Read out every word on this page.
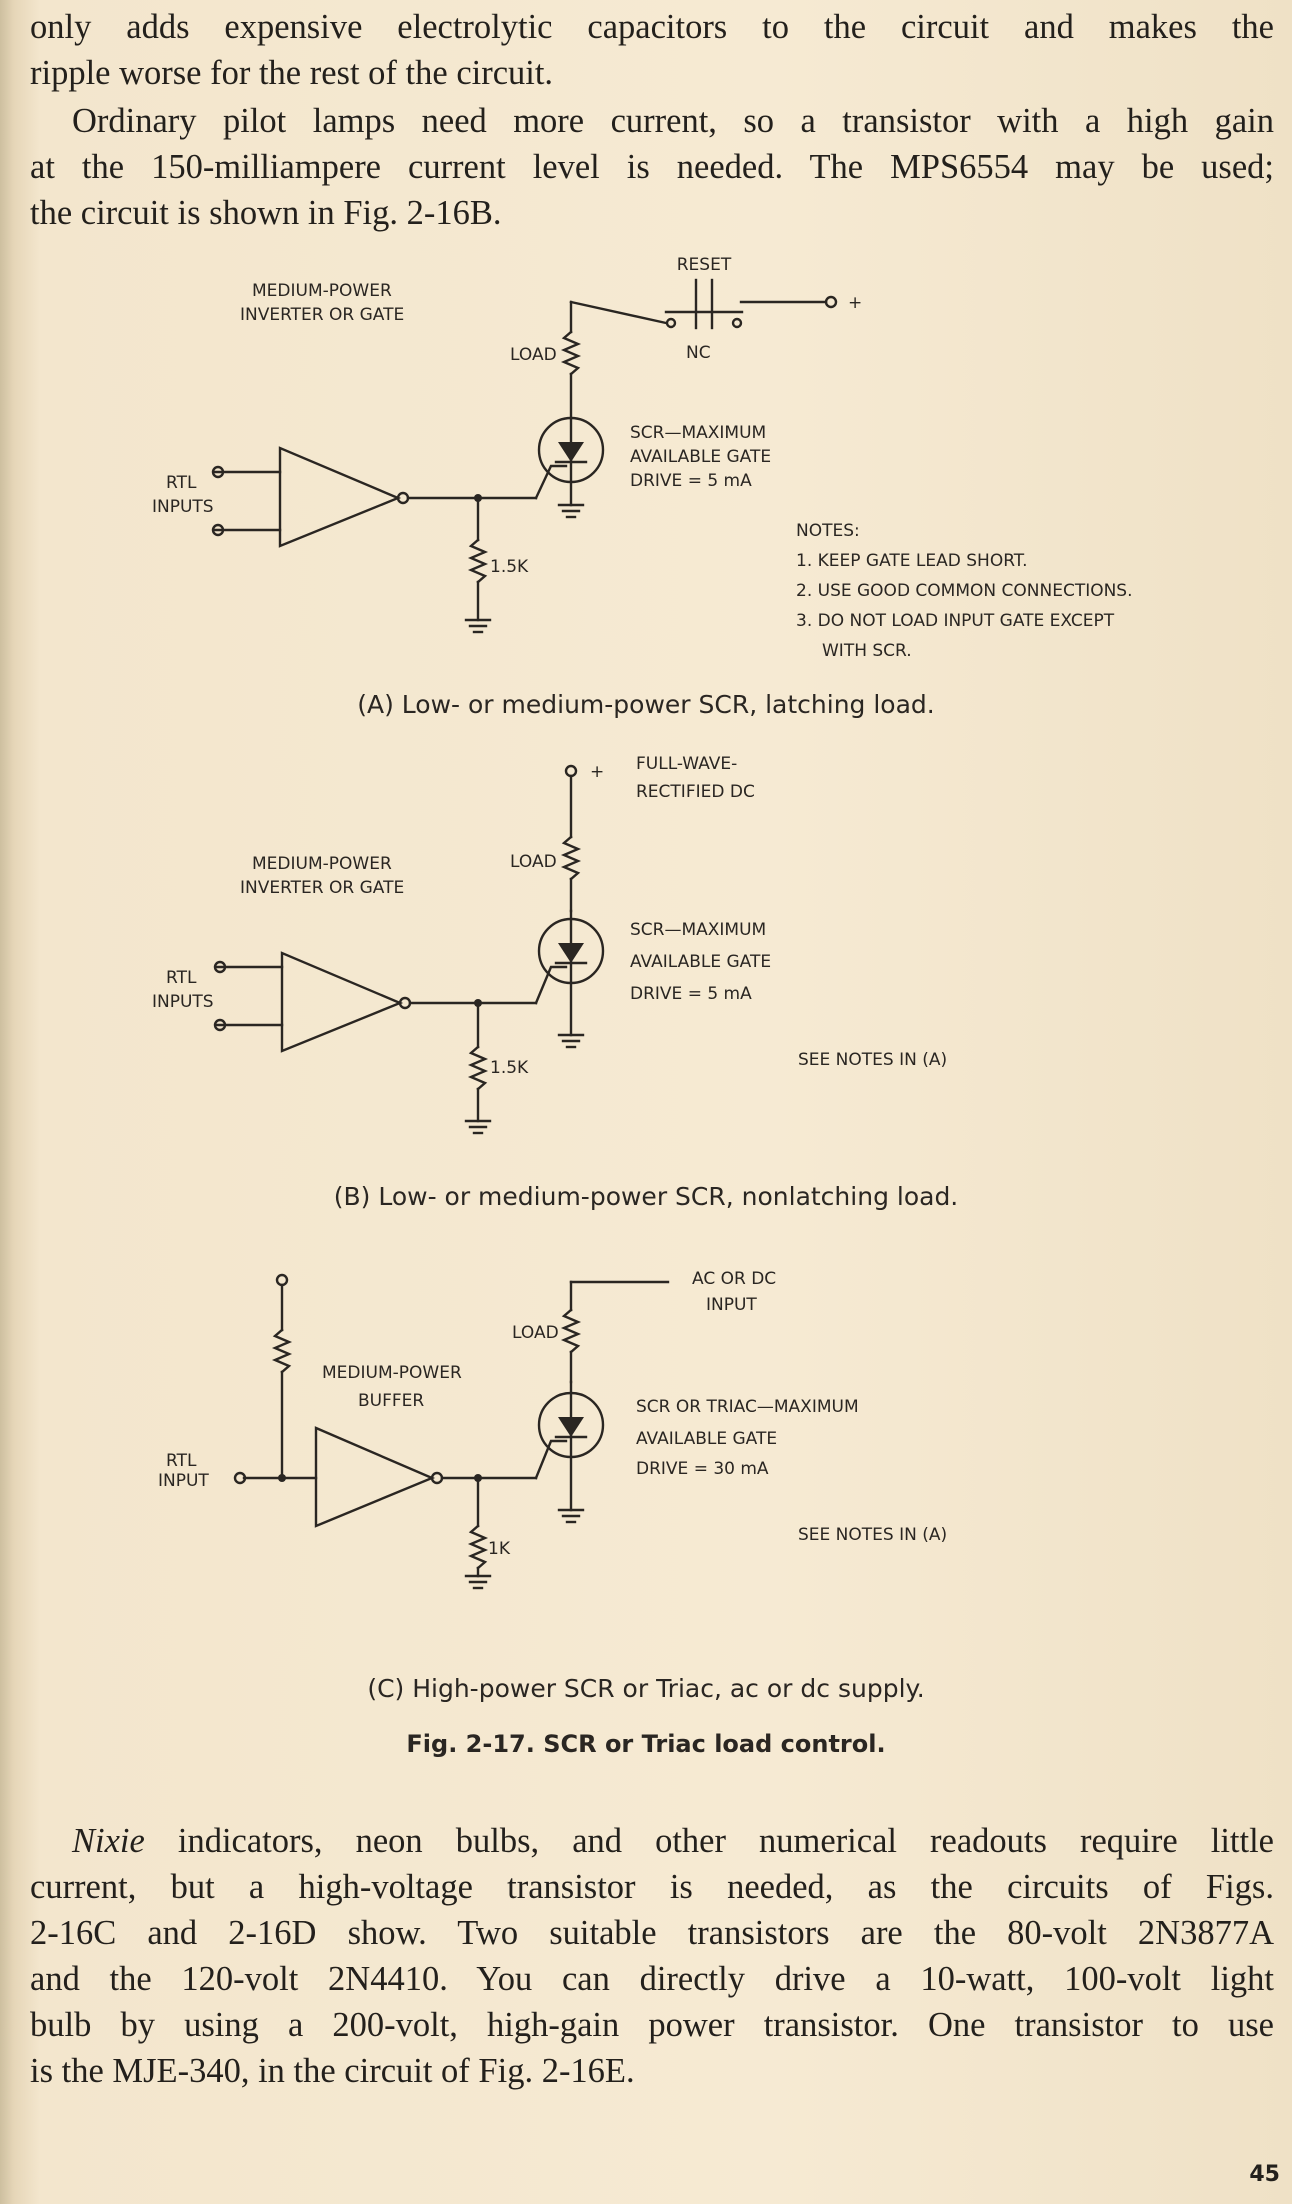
only adds expensive electrolytic capacitors to the circuit and makes the
ripple worse for the rest of the circuit.

Ordinary pilot lamps need more current, so a transistor with a high gain
at the 150-milliampere current level is needed. The MPS6554 may be used;
the circuit is shown in Fig. 2-16B.

RESET
+
NC
LOAD
MEDIUM-POWER
INVERTER OR GATE
RTL
INPUTS
1.5K
SCR—MAXIMUM
AVAILABLE GATE
DRIVE = 5 mA
NOTES:
1. KEEP GATE LEAD SHORT.
2. USE GOOD COMMON CONNECTIONS.
3. DO NOT LOAD INPUT GATE EXCEPT
WITH SCR.
(A) Low- or medium-power SCR, latching load.
+ FULL-WAVE-
RECTIFIED DC
LOAD
MEDIUM-POWER
INVERTER OR GATE
RTL
INPUTS
1.5K
SCR—MAXIMUM
AVAILABLE GATE
DRIVE = 5 mA
SEE NOTES IN (A)
(B) Low- or medium-power SCR, nonlatching load.
AC OR DC
INPUT
LOAD
MEDIUM-POWER
BUFFER
RTL
INPUT
1K
SCR OR TRIAC—MAXIMUM
AVAILABLE GATE
DRIVE = 30 mA
SEE NOTES IN (A)
(C) High-power SCR or Triac, ac or dc supply.
Fig. 2-17. SCR or Triac load control.

Nixie indicators, neon bulbs, and other numerical readouts require little
current, but a high-voltage transistor is needed, as the circuits of Figs.
2-16C and 2-16D show. Two suitable transistors are the 80-volt 2N3877A
and the 120-volt 2N4410. You can directly drive a 10-watt, 100-volt light
bulb by using a 200-volt, high-gain power transistor. One transistor to use
is the MJE-340, in the circuit of Fig. 2-16E.

45
